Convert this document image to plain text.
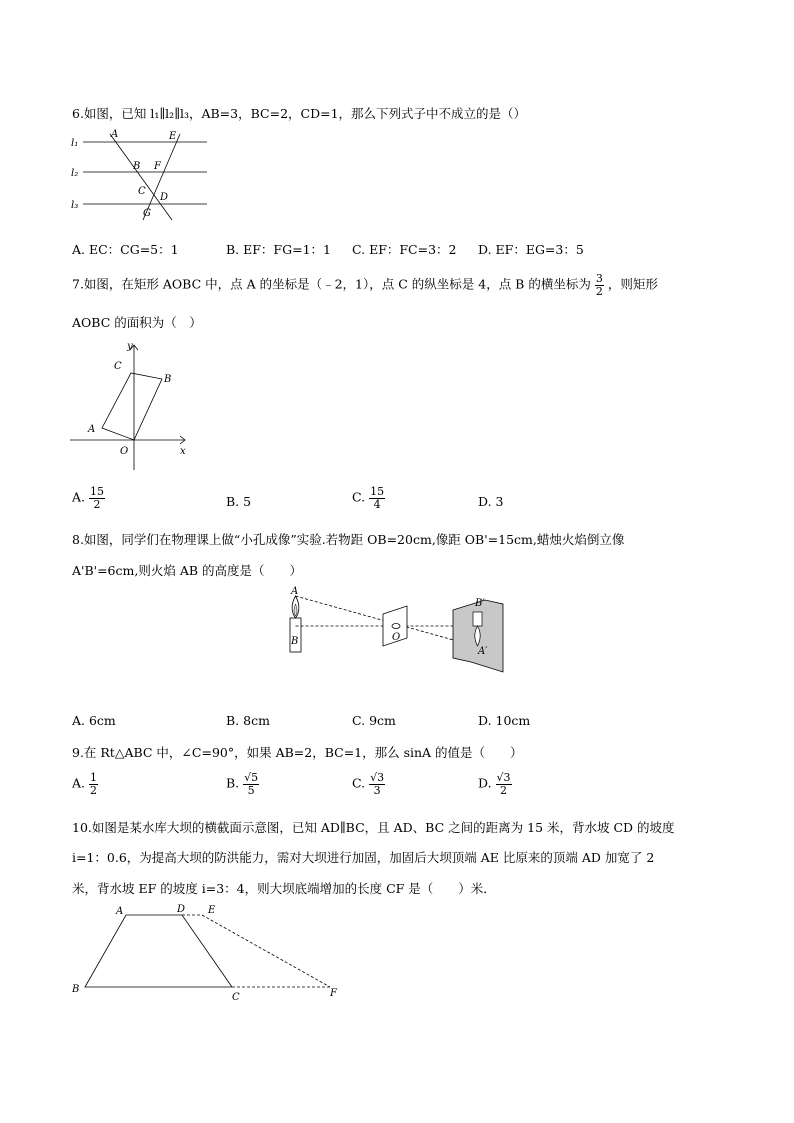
6.如图，已知 l₁∥l₂∥l₃，AB=3，BC=2，CD=1，那么下列式子中不成立的是（）
l₁
l₂
l₃
A	E
B F
C
D
G
A. EC：CG=5：1	B. EF：FG=1：1 C. EF：FC=3：2 D. EF：EG=3：5
7.如图，在矩形 AOBC 中，点 A 的坐标是（﹣2，1），点 C 的纵坐标是 4，点 B 的横坐标为 $\frac{3}{2}$ ，则矩形
AOBC 的面积为（　）
y
x
O
A
B
C
A. $\frac{15}{2}$	B. 5	C. $\frac{15}{4}$	D. 3
8.如图，同学们在物理课上做“小孔成像”实验.若物距 OB=20cm,像距 OB'=15cm,蜡烛火焰倒立像
A'B'=6cm,则火焰 AB 的高度是（　　）
A
B	O
B′
A′
A. 6cm	B. 8cm	C. 9cm	D. 10cm
9.在 Rt△ABC 中，∠C=90°，如果 AB=2，BC=1，那么 sinA 的值是（　　）
A. $\frac{1}{2}$	B. $\frac{√5}{5}$	C. $\frac{√3}{3}$	D. $\frac{√3}{2}$
10.如图是某水库大坝的横截面示意图，已知 AD∥BC，且 AD、BC 之间的距离为 15 米，背水坡 CD 的坡度
i=1：0.6，为提高大坝的防洪能力，需对大坝进行加固，加固后大坝顶端 AE 比原来的顶端 AD 加宽了 2
米，背水坡 EF 的坡度 i=3：4，则大坝底端增加的长度 CF 是（　　）米．
A	D E
B
C	F
